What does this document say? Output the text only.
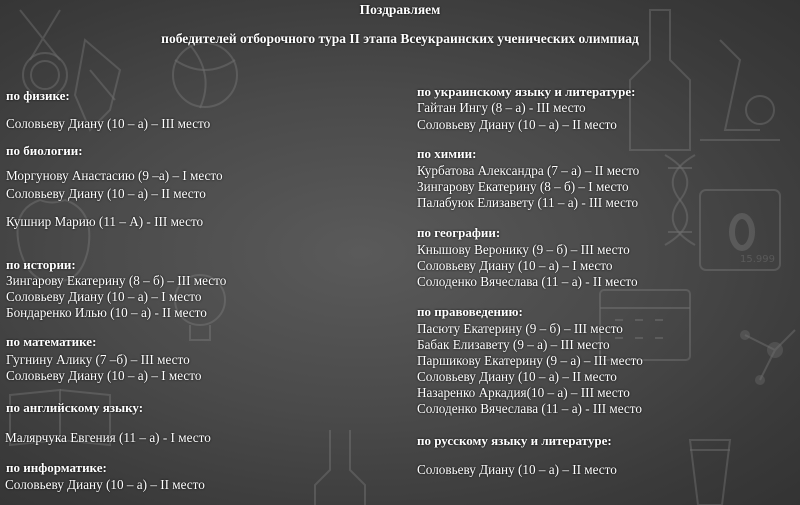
15.999
Поздравляем
победителей отборочного тура II этапа Всеукраинских ученических олимпиад
по физике:
Соловьеву Диану (10 – а) – III место
по биологии:
Моргунову Анастасию (9 –а) – I место
Соловьеву Диану (10 – а) – II место
Кушнир Марию (11 – А) - III место
по истории:
Зингарову Екатерину (8 – б) – III место
Соловьеву Диану (10 – а) – I место
Бондаренко Илью (10 – а) - II место
по математике:
Гугнину Алику (7 –б) – III место
Соловьеву Диану (10 – а) – I место
по английскому языку:
Малярчука Евгения (11 – а) - I место
по информатике:
Соловьеву Диану (10 – а) – II место
по украинскому языку и литературе:
Гайтан Ингу (8 – а) - III место
Соловьеву Диану (10 – а) – II место
по химии:
Курбатова Александра (7 – а) – II место
Зингарову Екатерину (8 – б) – I место
Палабуюк Елизавету (11 – а) - III место
по географии:
Кнышову Веронику (9 – б) – III место
Соловьеву Диану (10 – а) – I место
Солоденко Вячеслава (11 – а) - II место
по правоведению:
Пасюту Екатерину (9 – б) – III место
Бабак Елизавету (9 – а) – III место
Паршикову Екатерину (9 – а) – III место
Соловьеву Диану (10 – а) – II место
Назаренко Аркадия(10 – а) – III место
Солоденко Вячеслава (11 – а) - III место
по русскому языку и литературе:
Соловьеву Диану (10 – а) – II место
